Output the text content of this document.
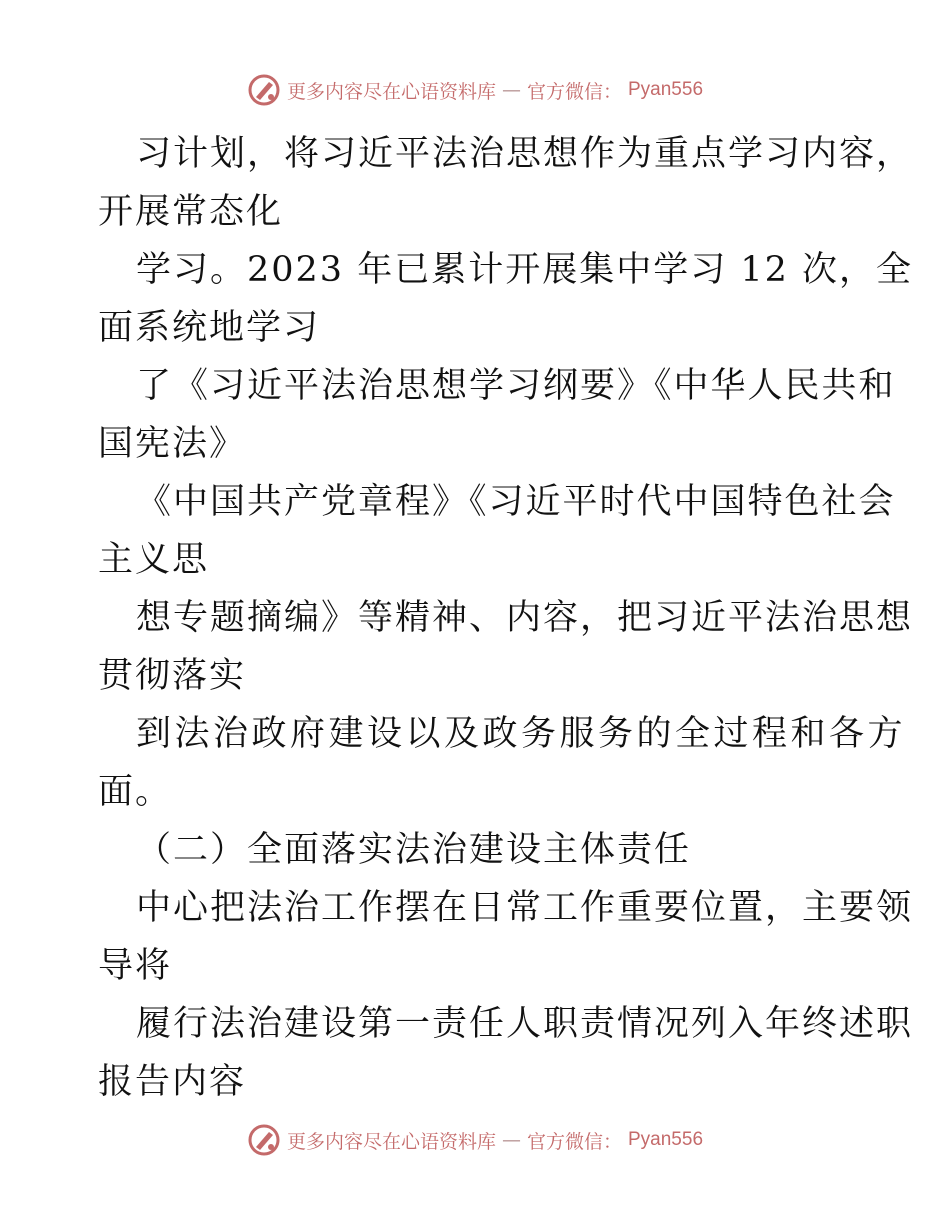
更多内容尽在心语资料库 — 官方微信： Pyan556
习计划，将习近平法治思想作为重点学习内容，
开展常态化
学习。2023 年已累计开展集中学习 12 次，全
面系统地学习
了《习近平法治思想学习纲要》《中华人民共和
国宪法》
《中国共产党章程》《习近平时代中国特色社会
主义思
想专题摘编》等精神、内容，把习近平法治思想
贯彻落实
到法治政府建设以及政务服务的全过程和各方
面。
（二）全面落实法治建设主体责任
中心把法治工作摆在日常工作重要位置，主要领
导将
履行法治建设第一责任人职责情况列入年终述职
报告内容
更多内容尽在心语资料库 — 官方微信： Pyan556
